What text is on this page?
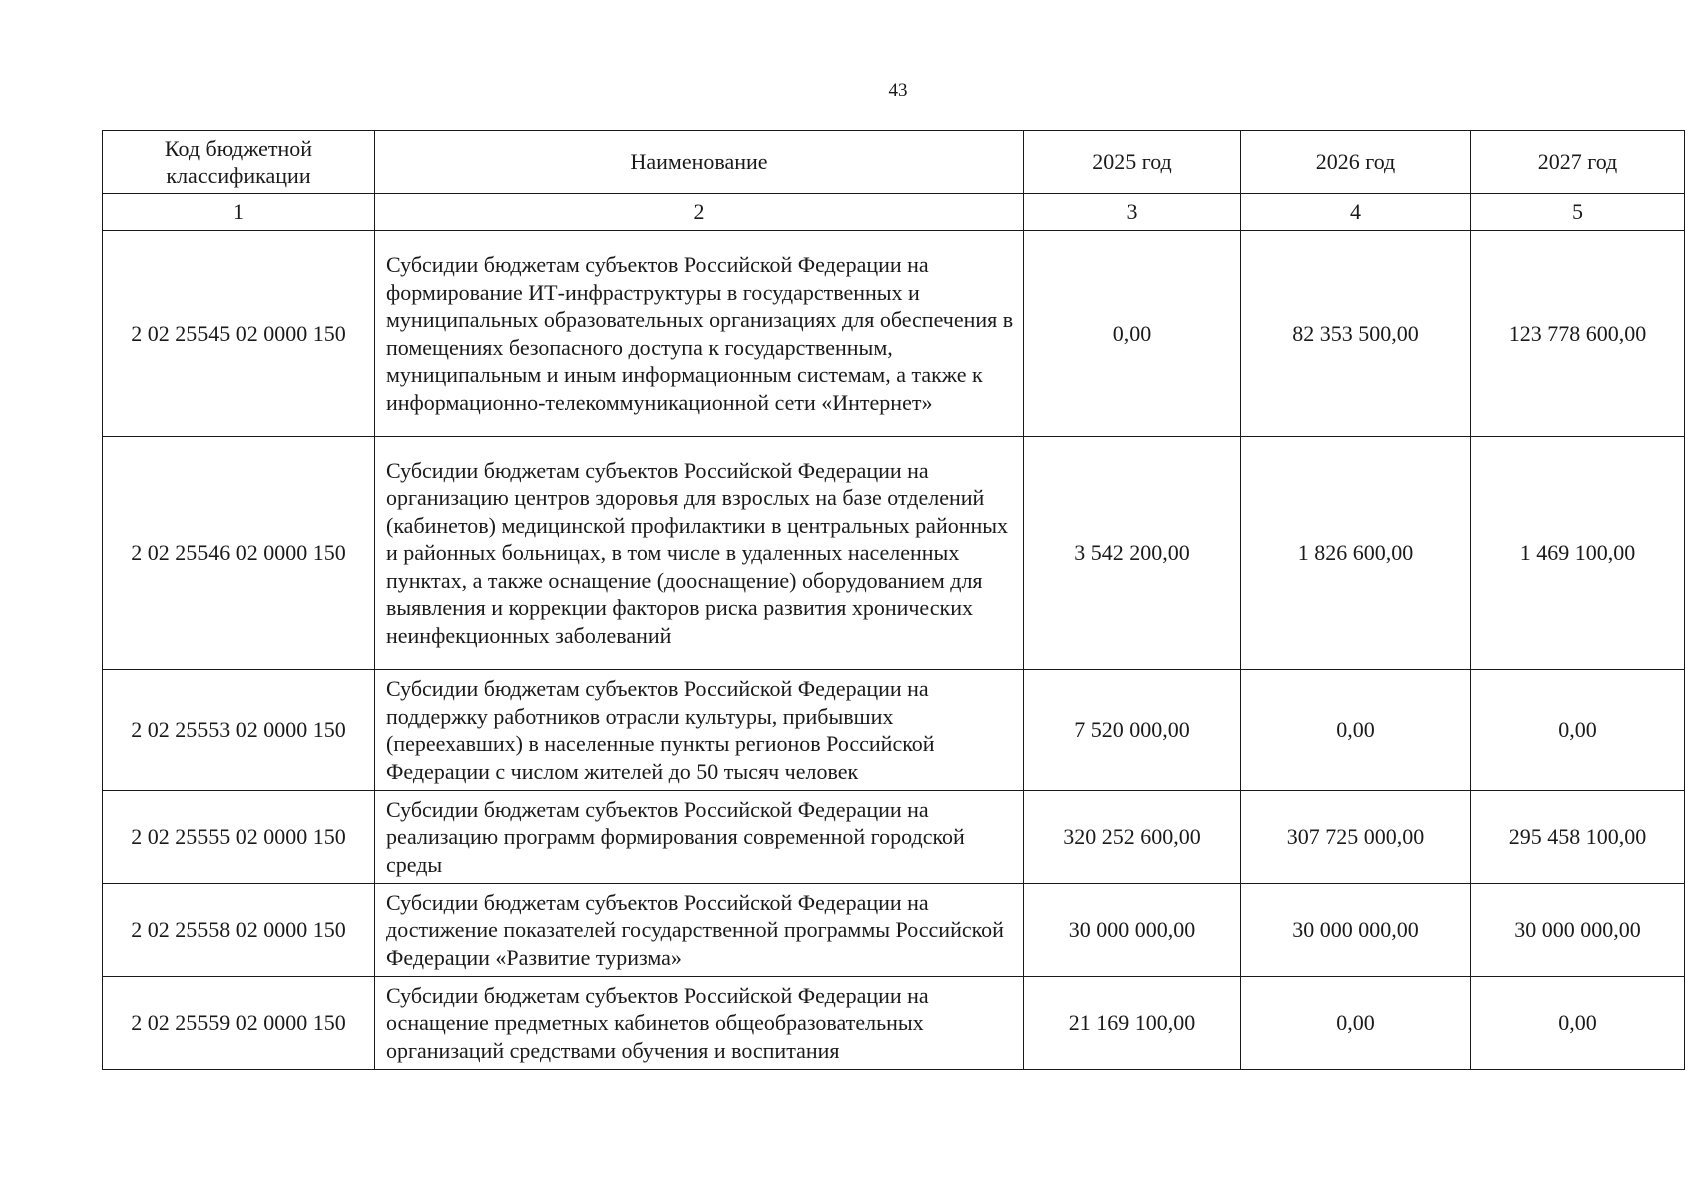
43
Код бюджетной классификации	Наименование	2025 год	2026 год	2027 год
1	2	3	4	5
2 02 25545 02 0000 150	Субсидии бюджетам субъектов Российской Федерации на формирование ИТ-инфраструктуры в государственных и муниципальных образовательных организациях для обеспечения в помещениях безопасного доступа к государственным, муниципальным и иным информационным системам, а также к информационно-телекоммуникационной сети «Интернет»	0,00	82 353 500,00	123 778 600,00
2 02 25546 02 0000 150	Субсидии бюджетам субъектов Российской Федерации на организацию центров здоровья для взрослых на базе отделений (кабинетов) медицинской профилактики в центральных районных и районных больницах, в том числе в удаленных населенных пунктах, а также оснащение (дооснащение) оборудованием для выявления и коррекции факторов риска развития хронических неинфекционных заболеваний	3 542 200,00	1 826 600,00	1 469 100,00
2 02 25553 02 0000 150	Субсидии бюджетам субъектов Российской Федерации на поддержку работников отрасли культуры, прибывших (переехавших) в населенные пункты регионов Российской Федерации с числом жителей до 50 тысяч человек	7 520 000,00	0,00	0,00
2 02 25555 02 0000 150	Субсидии бюджетам субъектов Российской Федерации на реализацию программ формирования современной городской среды	320 252 600,00	307 725 000,00	295 458 100,00
2 02 25558 02 0000 150	Субсидии бюджетам субъектов Российской Федерации на достижение показателей государственной программы Российской Федерации «Развитие туризма»	30 000 000,00	30 000 000,00	30 000 000,00
2 02 25559 02 0000 150	Субсидии бюджетам субъектов Российской Федерации на оснащение предметных кабинетов общеобразовательных организаций средствами обучения и воспитания	21 169 100,00	0,00	0,00
